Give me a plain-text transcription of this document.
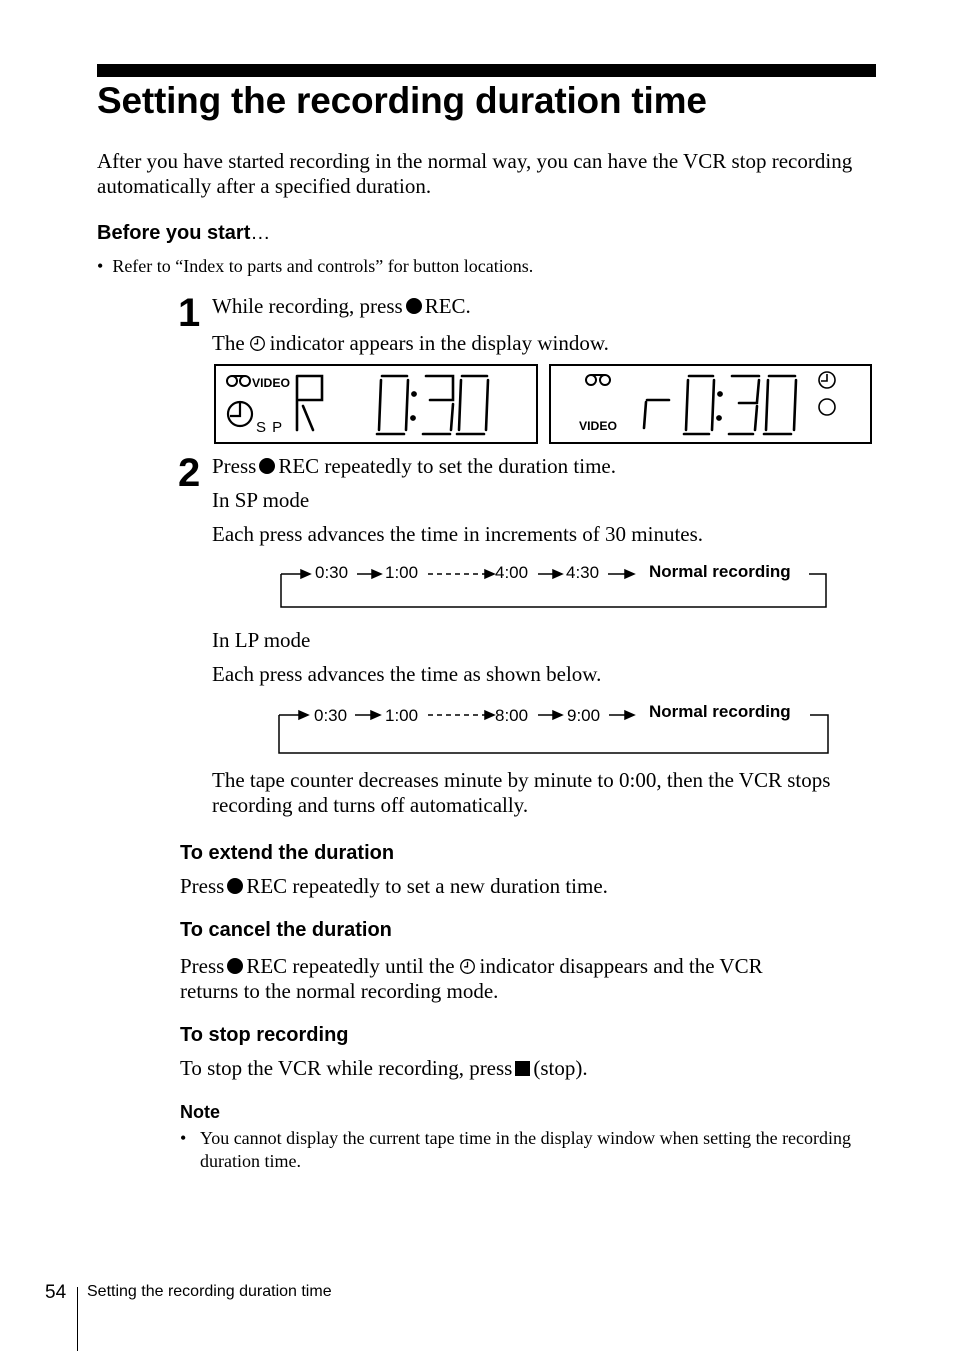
Setting the recording duration time
After you have started recording in the normal way, you can have the VCR stop recording automatically after a specified duration.
Before you start…
•  Refer to “Index to parts and controls” for button locations.
1 While recording, press REC.
The indicator appears in the display window.
VIDEO
S P	VIDEO
2 Press REC repeatedly to set the duration time.
In SP mode
Each press advances the time in increments of 30 minutes.
0:30 1:00	4:00 4:30	Normal recording
In LP mode
Each press advances the time as shown below.
0:30 1:00	8:00 9:00	Normal recording
The tape counter decreases minute by minute to 0:00, then the VCR stops recording and turns off automatically.
To extend the duration
Press REC repeatedly to set a new duration time.
To cancel the duration
Press REC repeatedly until the indicator disappears and the VCR
returns to the normal recording mode.
To stop recording
To stop the VCR while recording, press (stop).
Note
• You cannot display the current tape time in the display window when setting the recording duration time.
54 Setting the recording duration time
